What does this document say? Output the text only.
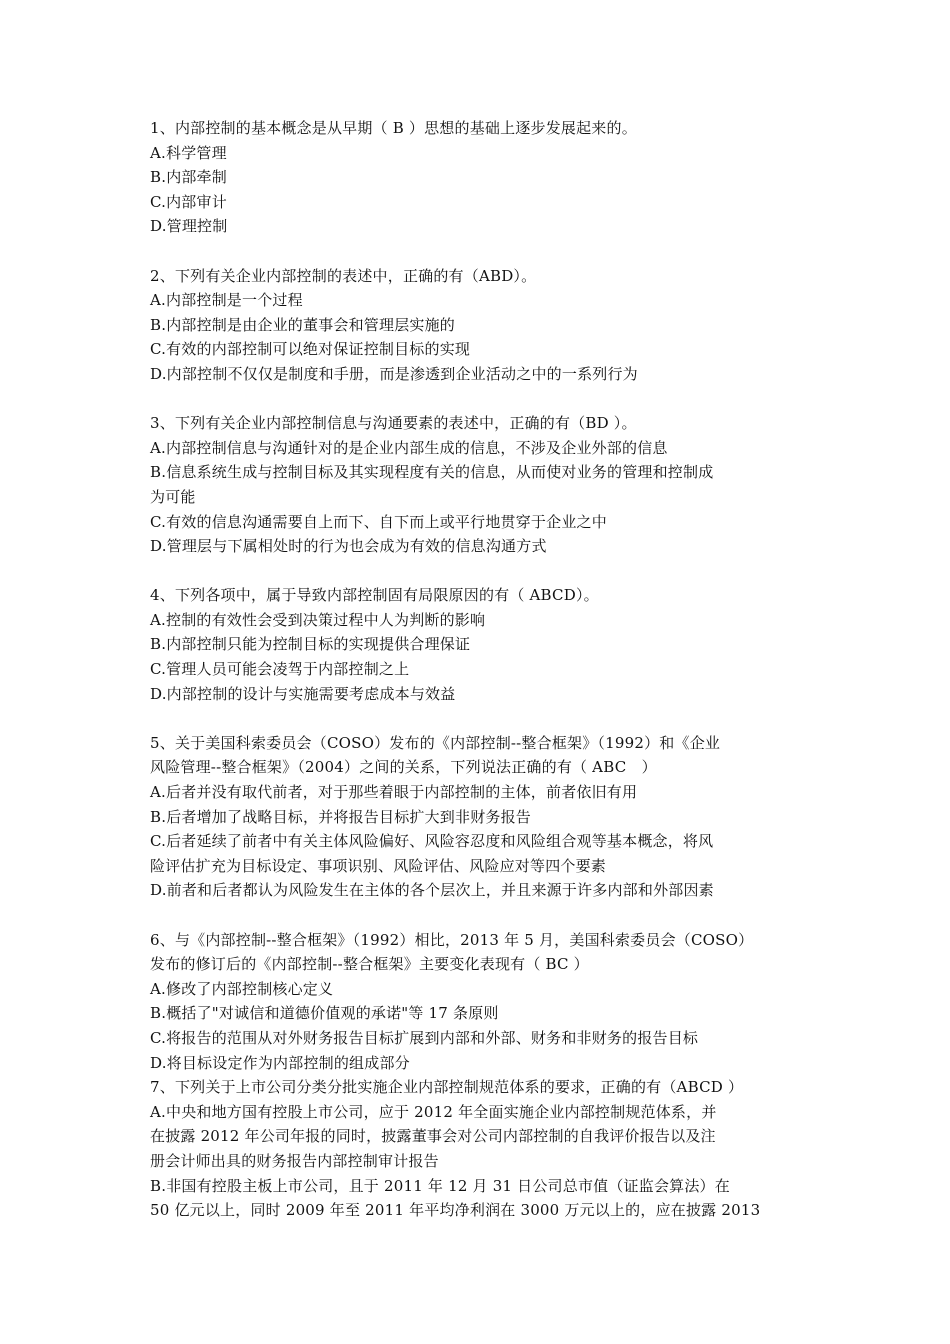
1、内部控制的基本概念是从早期（ B ）思想的基础上逐步发展起来的。
A.科学管理
B.内部牵制
C.内部审计
D.管理控制
2、下列有关企业内部控制的表述中，正确的有（ABD）。
A.内部控制是一个过程
B.内部控制是由企业的董事会和管理层实施的
C.有效的内部控制可以绝对保证控制目标的实现
D.内部控制不仅仅是制度和手册，而是渗透到企业活动之中的一系列行为
3、下列有关企业内部控制信息与沟通要素的表述中，正确的有（BD ）。
A.内部控制信息与沟通针对的是企业内部生成的信息，不涉及企业外部的信息
B.信息系统生成与控制目标及其实现程度有关的信息，从而使对业务的管理和控制成
为可能
C.有效的信息沟通需要自上而下、自下而上或平行地贯穿于企业之中
D.管理层与下属相处时的行为也会成为有效的信息沟通方式
4、下列各项中，属于导致内部控制固有局限原因的有（ ABCD）。
A.控制的有效性会受到决策过程中人为判断的影响
B.内部控制只能为控制目标的实现提供合理保证
C.管理人员可能会凌驾于内部控制之上
D.内部控制的设计与实施需要考虑成本与效益
5、关于美国科索委员会（COSO）发布的《内部控制--整合框架》（1992）和《企业
风险管理--整合框架》（2004）之间的关系，下列说法正确的有（ ABC　）
A.后者并没有取代前者，对于那些着眼于内部控制的主体，前者依旧有用
B.后者增加了战略目标，并将报告目标扩大到非财务报告
C.后者延续了前者中有关主体风险偏好、风险容忍度和风险组合观等基本概念，将风
险评估扩充为目标设定、事项识别、风险评估、风险应对等四个要素
D.前者和后者都认为风险发生在主体的各个层次上，并且来源于许多内部和外部因素
6、与《内部控制--整合框架》（1992）相比，2013 年 5 月，美国科索委员会（COSO）
发布的修订后的《内部控制--整合框架》主要变化表现有（ BC ）
A.修改了内部控制核心定义
B.概括了"对诚信和道德价值观的承诺"等 17 条原则
C.将报告的范围从对外财务报告目标扩展到内部和外部、财务和非财务的报告目标
D.将目标设定作为内部控制的组成部分
7、下列关于上市公司分类分批实施企业内部控制规范体系的要求，正确的有（ABCD ）
A.中央和地方国有控股上市公司，应于 2012 年全面实施企业内部控制规范体系，并
在披露 2012 年公司年报的同时，披露董事会对公司内部控制的自我评价报告以及注
册会计师出具的财务报告内部控制审计报告
B.非国有控股主板上市公司，且于 2011 年 12 月 31 日公司总市值（证监会算法）在
50 亿元以上，同时 2009 年至 2011 年平均净利润在 3000 万元以上的，应在披露 2013
